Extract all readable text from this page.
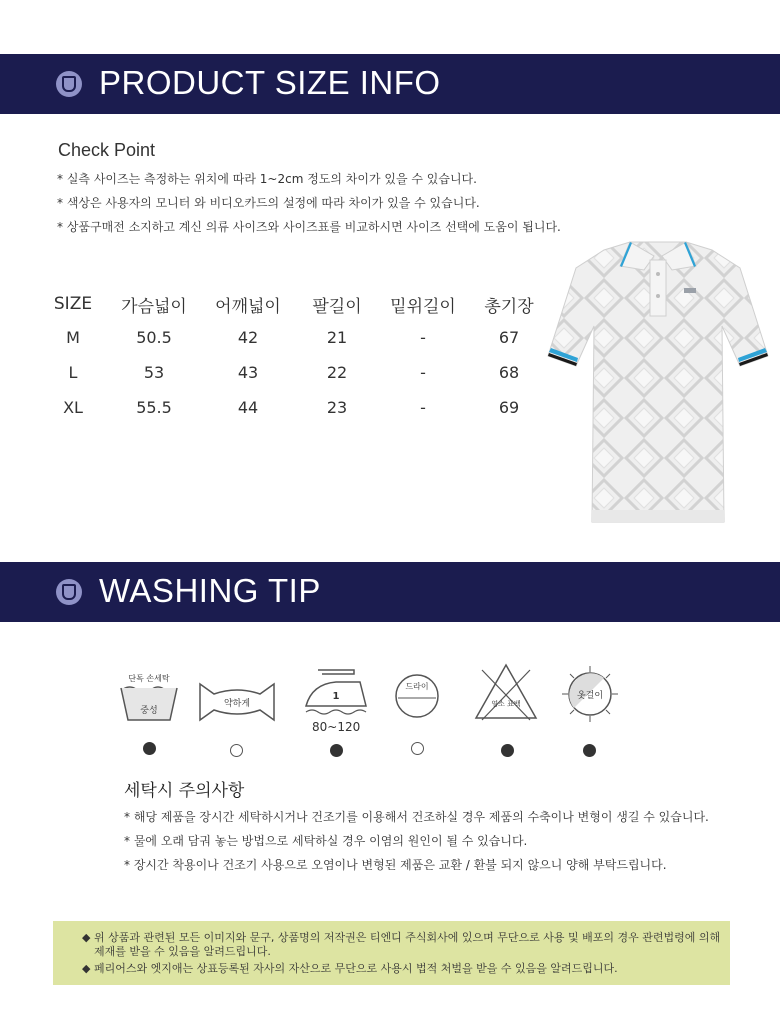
PRODUCT SIZE INFO
Check Point
* 실측 사이즈는 측정하는 위치에 따라 1~2cm 정도의 차이가 있을 수 있습니다.
* 색상은 사용자의 모니터 와 비디오카드의 설정에 따라 차이가 있을 수 있습니다.
* 상품구매전 소지하고 계신 의류 사이즈와 사이즈표를 비교하시면 사이즈 선택에 도움이 됩니다.
SIZE	가슴넓이	어깨넓이	팔길이	밑위길이	총기장
M	50.5	42	21	-	67
L	53	43	22	-	68
XL	55.5	44	23	-	69
WASHING TIP
단독 손세탁
중성
약하게
1
80~120
드라이
염소 표백
옷걸이
세탁시 주의사항
* 해당 제품을 장시간 세탁하시거나 건조기를 이용해서 건조하실 경우 제품의 수축이나 변형이 생길 수 있습니다.
* 물에 오래 담궈 놓는 방법으로 세탁하실 경우 이염의 원인이 될 수 있습니다.
* 장시간 착용이나 건조기 사용으로 오염이나 변형된 제품은 교환 / 환불 되지 않으니 양해 부탁드립니다.

◆ 위 상품과 관련된 모든 이미지와 문구, 상품명의 저작권은 티엔디 주식회사에 있으며 무단으로 사용 및 배포의 경우 관련법령에 의해

제재를 받을 수 있음을 알려드립니다.

◆ 페리어스와 엣지애는 상표등록된 자사의 자산으로 무단으로 사용시 법적 처벌을 받을 수 있음을 알려드립니다.
